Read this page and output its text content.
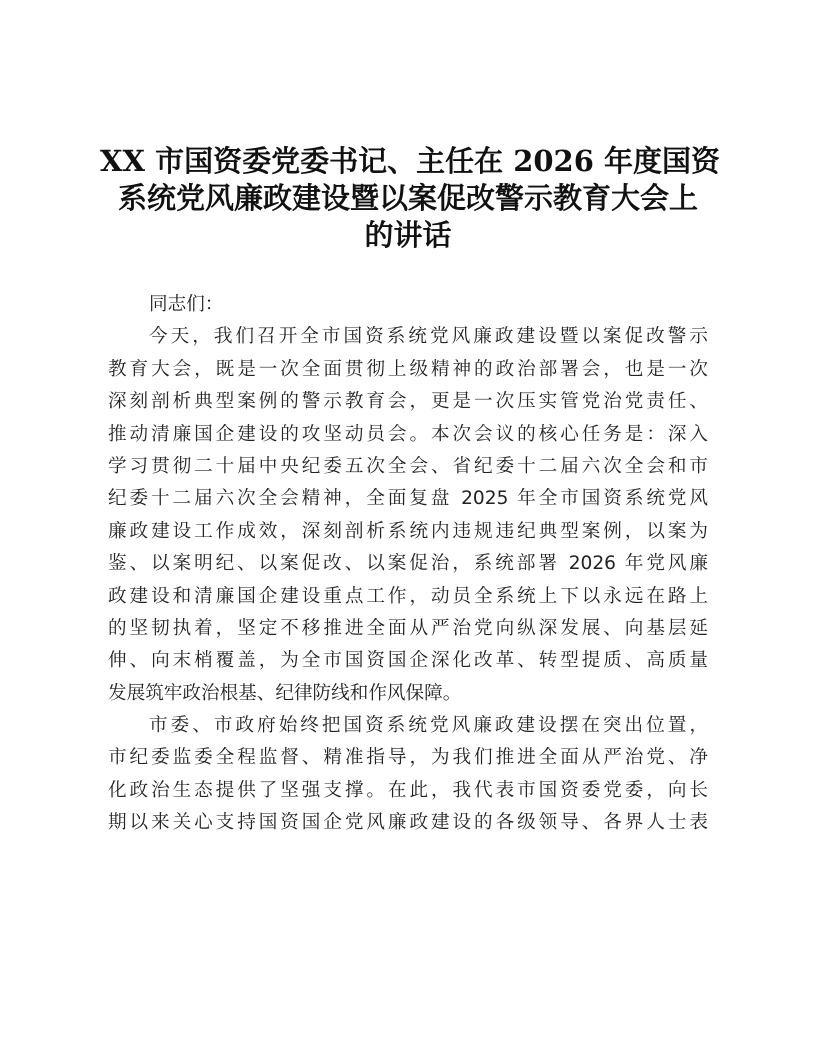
XX 市国资委党委书记、主任在 2026 年度国资
系统党风廉政建设暨以案促改警示教育大会上
的讲话
同志们：
今天，我们召开全市国资系统党风廉政建设暨以案促改警示
教育大会，既是一次全面贯彻上级精神的政治部署会，也是一次
深刻剖析典型案例的警示教育会，更是一次压实管党治党责任、
推动清廉国企建设的攻坚动员会。本次会议的核心任务是：深入
学习贯彻二十届中央纪委五次全会、省纪委十二届六次全会和市
纪委十二届六次全会精神，全面复盘 2025 年全市国资系统党风
廉政建设工作成效，深刻剖析系统内违规违纪典型案例，以案为
鉴、以案明纪、以案促改、以案促治，系统部署 2026 年党风廉
政建设和清廉国企建设重点工作，动员全系统上下以永远在路上
的坚韧执着，坚定不移推进全面从严治党向纵深发展、向基层延
伸、向末梢覆盖，为全市国资国企深化改革、转型提质、高质量
发展筑牢政治根基、纪律防线和作风保障。
市委、市政府始终把国资系统党风廉政建设摆在突出位置，
市纪委监委全程监督、精准指导，为我们推进全面从严治党、净
化政治生态提供了坚强支撑。在此，我代表市国资委党委，向长
期以来关心支持国资国企党风廉政建设的各级领导、各界人士表
